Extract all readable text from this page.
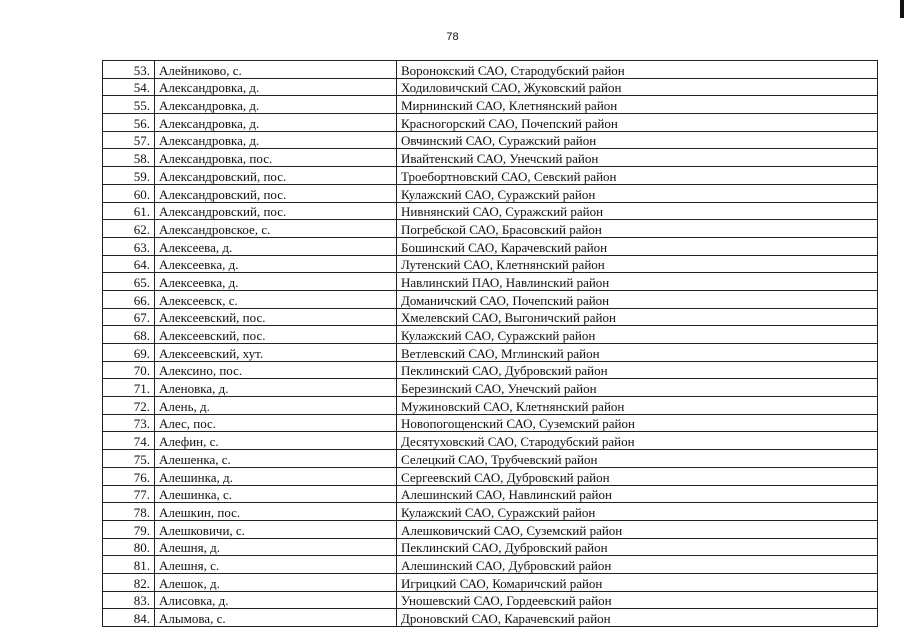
78
53.	Алейниково, с.	Воронокский САО, Стародубский район
54.	Александровка, д.	Ходиловичский САО, Жуковский район
55.	Александровка, д.	Мирнинский САО, Клетнянский район
56.	Александровка, д.	Красногорский САО, Почепский район
57.	Александровка, д.	Овчинский САО, Суражский район
58.	Александровка, пос.	Ивайтенский САО, Унечский район
59.	Александровский, пос.	Троебортновский САО, Севский район
60.	Александровский, пос.	Кулажский САО, Суражский район
61.	Александровский, пос.	Нивнянский САО, Суражский район
62.	Александровское, с.	Погребской САО, Брасовский район
63.	Алексеева, д.	Бошинский САО, Карачевский район
64.	Алексеевка, д.	Лутенский САО, Клетнянский район
65.	Алексеевка, д.	Навлинский ПАО, Навлинский район
66.	Алексеевск, с.	Доманичский САО, Почепский район
67.	Алексеевский, пос.	Хмелевский САО, Выгоничский район
68.	Алексеевский, пос.	Кулажский САО, Суражский район
69.	Алексеевский, хут.	Ветлевский САО, Мглинский район
70.	Алексино, пос.	Пеклинский САО, Дубровский район
71.	Аленовка, д.	Березинский САО, Унечский район
72.	Алень, д.	Мужиновский САО, Клетнянский район
73.	Алес, пос.	Новопогощенский САО, Суземский район
74.	Алефин, с.	Десятуховский САО, Стародубский район
75.	Алешенка, с.	Селецкий САО, Трубчевский район
76.	Алешинка, д.	Сергеевский САО, Дубровский район
77.	Алешинка, с.	Алешинский САО, Навлинский район
78.	Алешкин, пос.	Кулажский САО, Суражский район
79.	Алешковичи, с.	Алешковичский САО, Суземский район
80.	Алешня, д.	Пеклинский САО, Дубровский район
81.	Алешня, с.	Алешинский САО, Дубровский район
82.	Алешок, д.	Игрицкий САО, Комаричский район
83.	Алисовка, д.	Уношевский САО, Гордеевский район
84.	Алымова, с.	Дроновский САО, Карачевский район
